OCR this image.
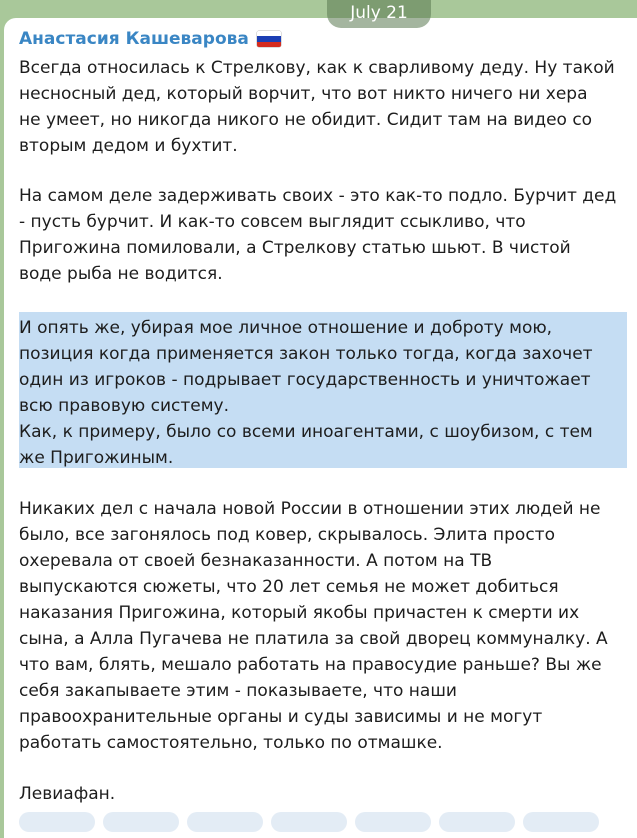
July 21
Анастасия Кашеварова
Всегда относилась к Стрелкову, как к сварливому деду. Ну такой
несносный дед, который ворчит, что вот никто ничего ни хера
не умеет, но никогда никого не обидит. Сидит там на видео со
вторым дедом и бухтит.
На самом деле задерживать своих - это как-то подло. Бурчит дед
- пусть бурчит. И как-то совсем выглядит ссыкливо, что
Пригожина помиловали, а Стрелкову статью шьют. В чистой
воде рыба не водится.
И опять же, убирая мое личное отношение и доброту мою,
позиция когда применяется закон только тогда, когда захочет
один из игроков - подрывает государственность и уничтожает
всю правовую систему.
Как, к примеру, было со всеми иноагентами, с шоубизом, с тем
же Пригожиным.
Никаких дел с начала новой России в отношении этих людей не
было, все загонялось под ковер, скрывалось. Элита просто
охеревала от своей безнаказанности. А потом на ТВ
выпускаются сюжеты, что 20 лет семья не может добиться
наказания Пригожина, который якобы причастен к смерти их
сына, а Алла Пугачева не платила за свой дворец коммуналку. А
что вам, блять, мешало работать на правосудие раньше? Вы же
себя закапываете этим - показываете, что наши
правоохранительные органы и суды зависимы и не могут
работать самостоятельно, только по отмашке.
Левиафан.
